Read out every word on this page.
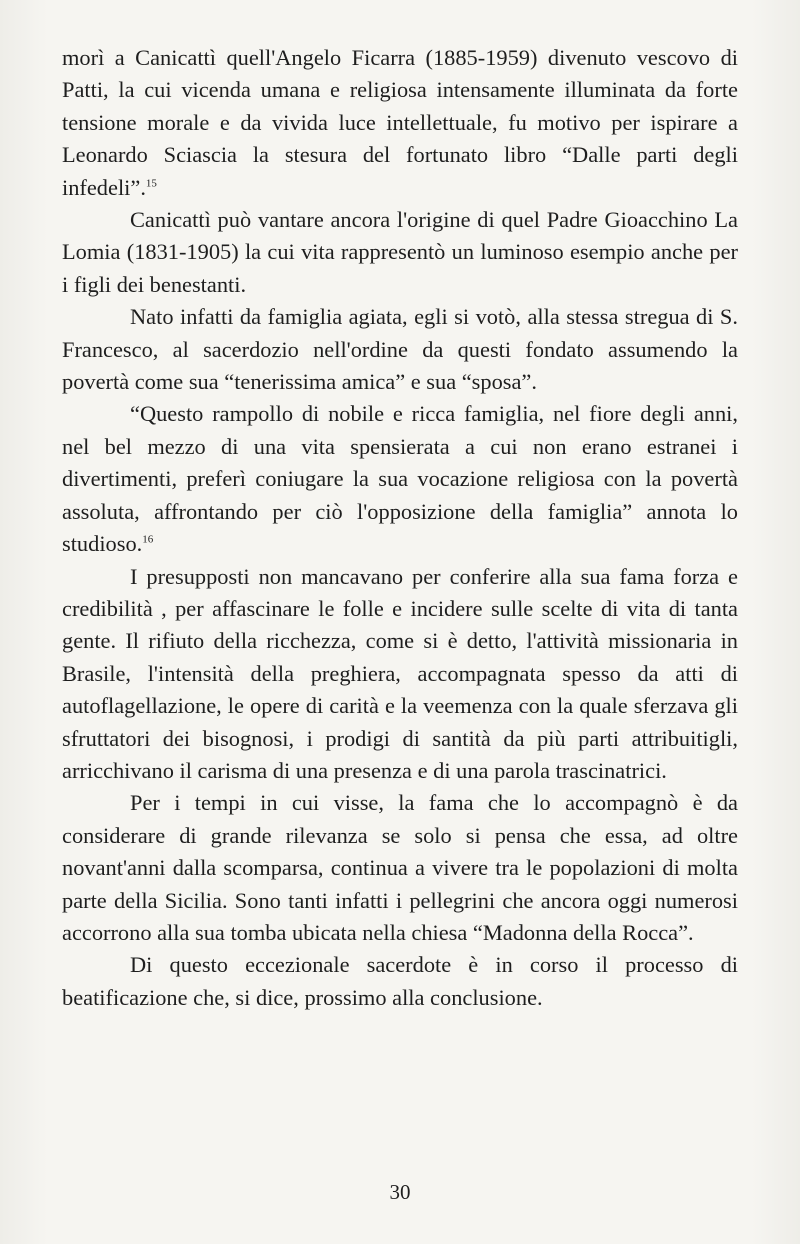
morì a Canicattì quell'Angelo Ficarra (1885-1959) divenuto vescovo di Patti, la cui vicenda umana e religiosa intensamente illuminata da forte tensione morale e da vivida luce intellettuale, fu motivo per ispirare a Leonardo Sciascia la stesura del fortunato libro “Dalle parti degli infedeli”.$^{15}$

Canicattì può vantare ancora l'origine di quel Padre Gioacchino La Lomia (1831-1905) la cui vita rappresentò un luminoso esempio anche per i figli dei benestanti.

Nato infatti da famiglia agiata, egli si votò, alla stessa stregua di S. Francesco, al sacerdozio nell'ordine da questi fondato assumendo la povertà come sua “tenerissima amica” e sua “sposa”.

“Questo rampollo di nobile e ricca famiglia, nel fiore degli anni, nel bel mezzo di una vita spensierata a cui non erano estranei i divertimenti, preferì coniugare la sua vocazione religiosa con la povertà assoluta, affrontando per ciò l'opposizione della famiglia” annota lo studioso.$^{16}$

I presupposti non mancavano per conferire alla sua fama forza e credibilità , per affascinare le folle e incidere sulle scelte di vita di tanta gente. Il rifiuto della ricchezza, come si è detto, l'attività missionaria in Brasile, l'intensità della preghiera, accompagnata spesso da atti di autoflagellazione, le opere di carità e la veemenza con la quale sferzava gli sfruttatori dei bisognosi, i prodigi di santità da più parti attribuitigli, arricchivano il carisma di una presenza e di una parola trascinatrici.

Per i tempi in cui visse, la fama che lo accompagnò è da considerare di grande rilevanza se solo si pensa che essa, ad oltre novant'anni dalla scomparsa, continua a vivere tra le popolazioni di molta parte della Sicilia. Sono tanti infatti i pellegrini che ancora oggi numerosi accorrono alla sua tomba ubicata nella chiesa “Madonna della Rocca”.

Di questo eccezionale sacerdote è in corso il processo di beatificazione che, si dice, prossimo alla conclusione.

30
